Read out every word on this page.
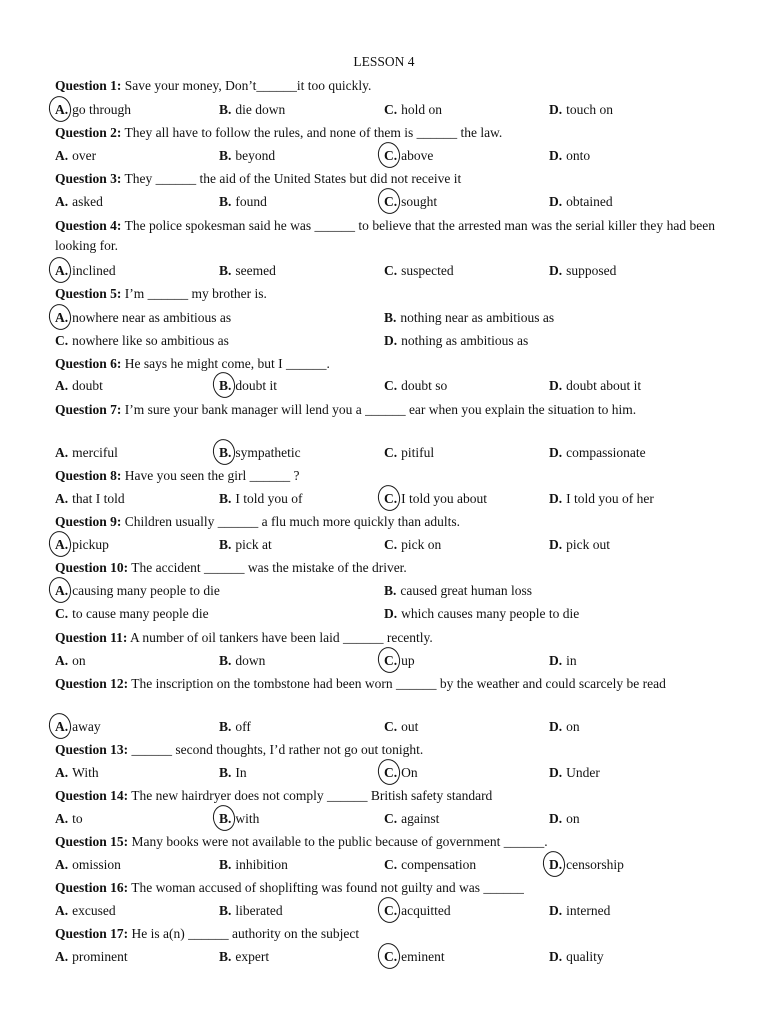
LESSON 4
Question 1: Save your money, Don’t______it too quickly.
A. go through	B. die down	C. hold on	D. touch on
Question 2: They all have to follow the rules, and none of them is ______ the law.
A. over	B. beyond	C. above	D. onto
Question 3: They ______ the aid of the United States but did not receive it
A. asked	B. found	C. sought	D. obtained
Question 4: The police spokesman said he was ______ to believe that the arrested man was the serial killer they had been looking for.
A. inclined	B. seemed	C. suspected	D. supposed
Question 5: I’m ______ my brother is.
A. nowhere near as ambitious as	B. nothing near as ambitious as
C. nowhere like so ambitious as	D. nothing as ambitious as
Question 6: He says he might come, but I ______.
A. doubt	B. doubt it	C. doubt so	D. doubt about it
Question 7: I’m sure your bank manager will lend you a ______ ear when you explain the situation to him.
A. merciful	B. sympathetic	C. pitiful	D. compassionate
Question 8: Have you seen the girl ______ ?
A. that I told	B. I told you of	C. I told you about	D. I told you of her
Question 9: Children usually ______ a flu much more quickly than adults.
A. pickup	B. pick at	C. pick on	D. pick out
Question 10: The accident ______ was the mistake of the driver.
A. causing many people to die	B. caused great human loss
C. to cause many people die	D. which causes many people to die
Question 11: A number of oil tankers have been laid ______ recently.
A. on	B. down	C. up	D. in
Question 12: The inscription on the tombstone had been worn ______ by the weather and could scarcely be read
A. away	B. off	C. out	D. on
Question 13: ______ second thoughts, I’d rather not go out tonight.
A. With	B. In	C. On	D. Under
Question 14: The new hairdryer does not comply ______ British safety standard
A. to	B. with	C. against	D. on
Question 15: Many books were not available to the public because of government ______.
A. omission	B. inhibition	C. compensation	D. censorship
Question 16: The woman accused of shoplifting was found not guilty and was ______
A. excused	B. liberated	C. acquitted	D. interned
Question 17: He is a(n) ______ authority on the subject
A. prominent	B. expert	C. eminent	D. quality
